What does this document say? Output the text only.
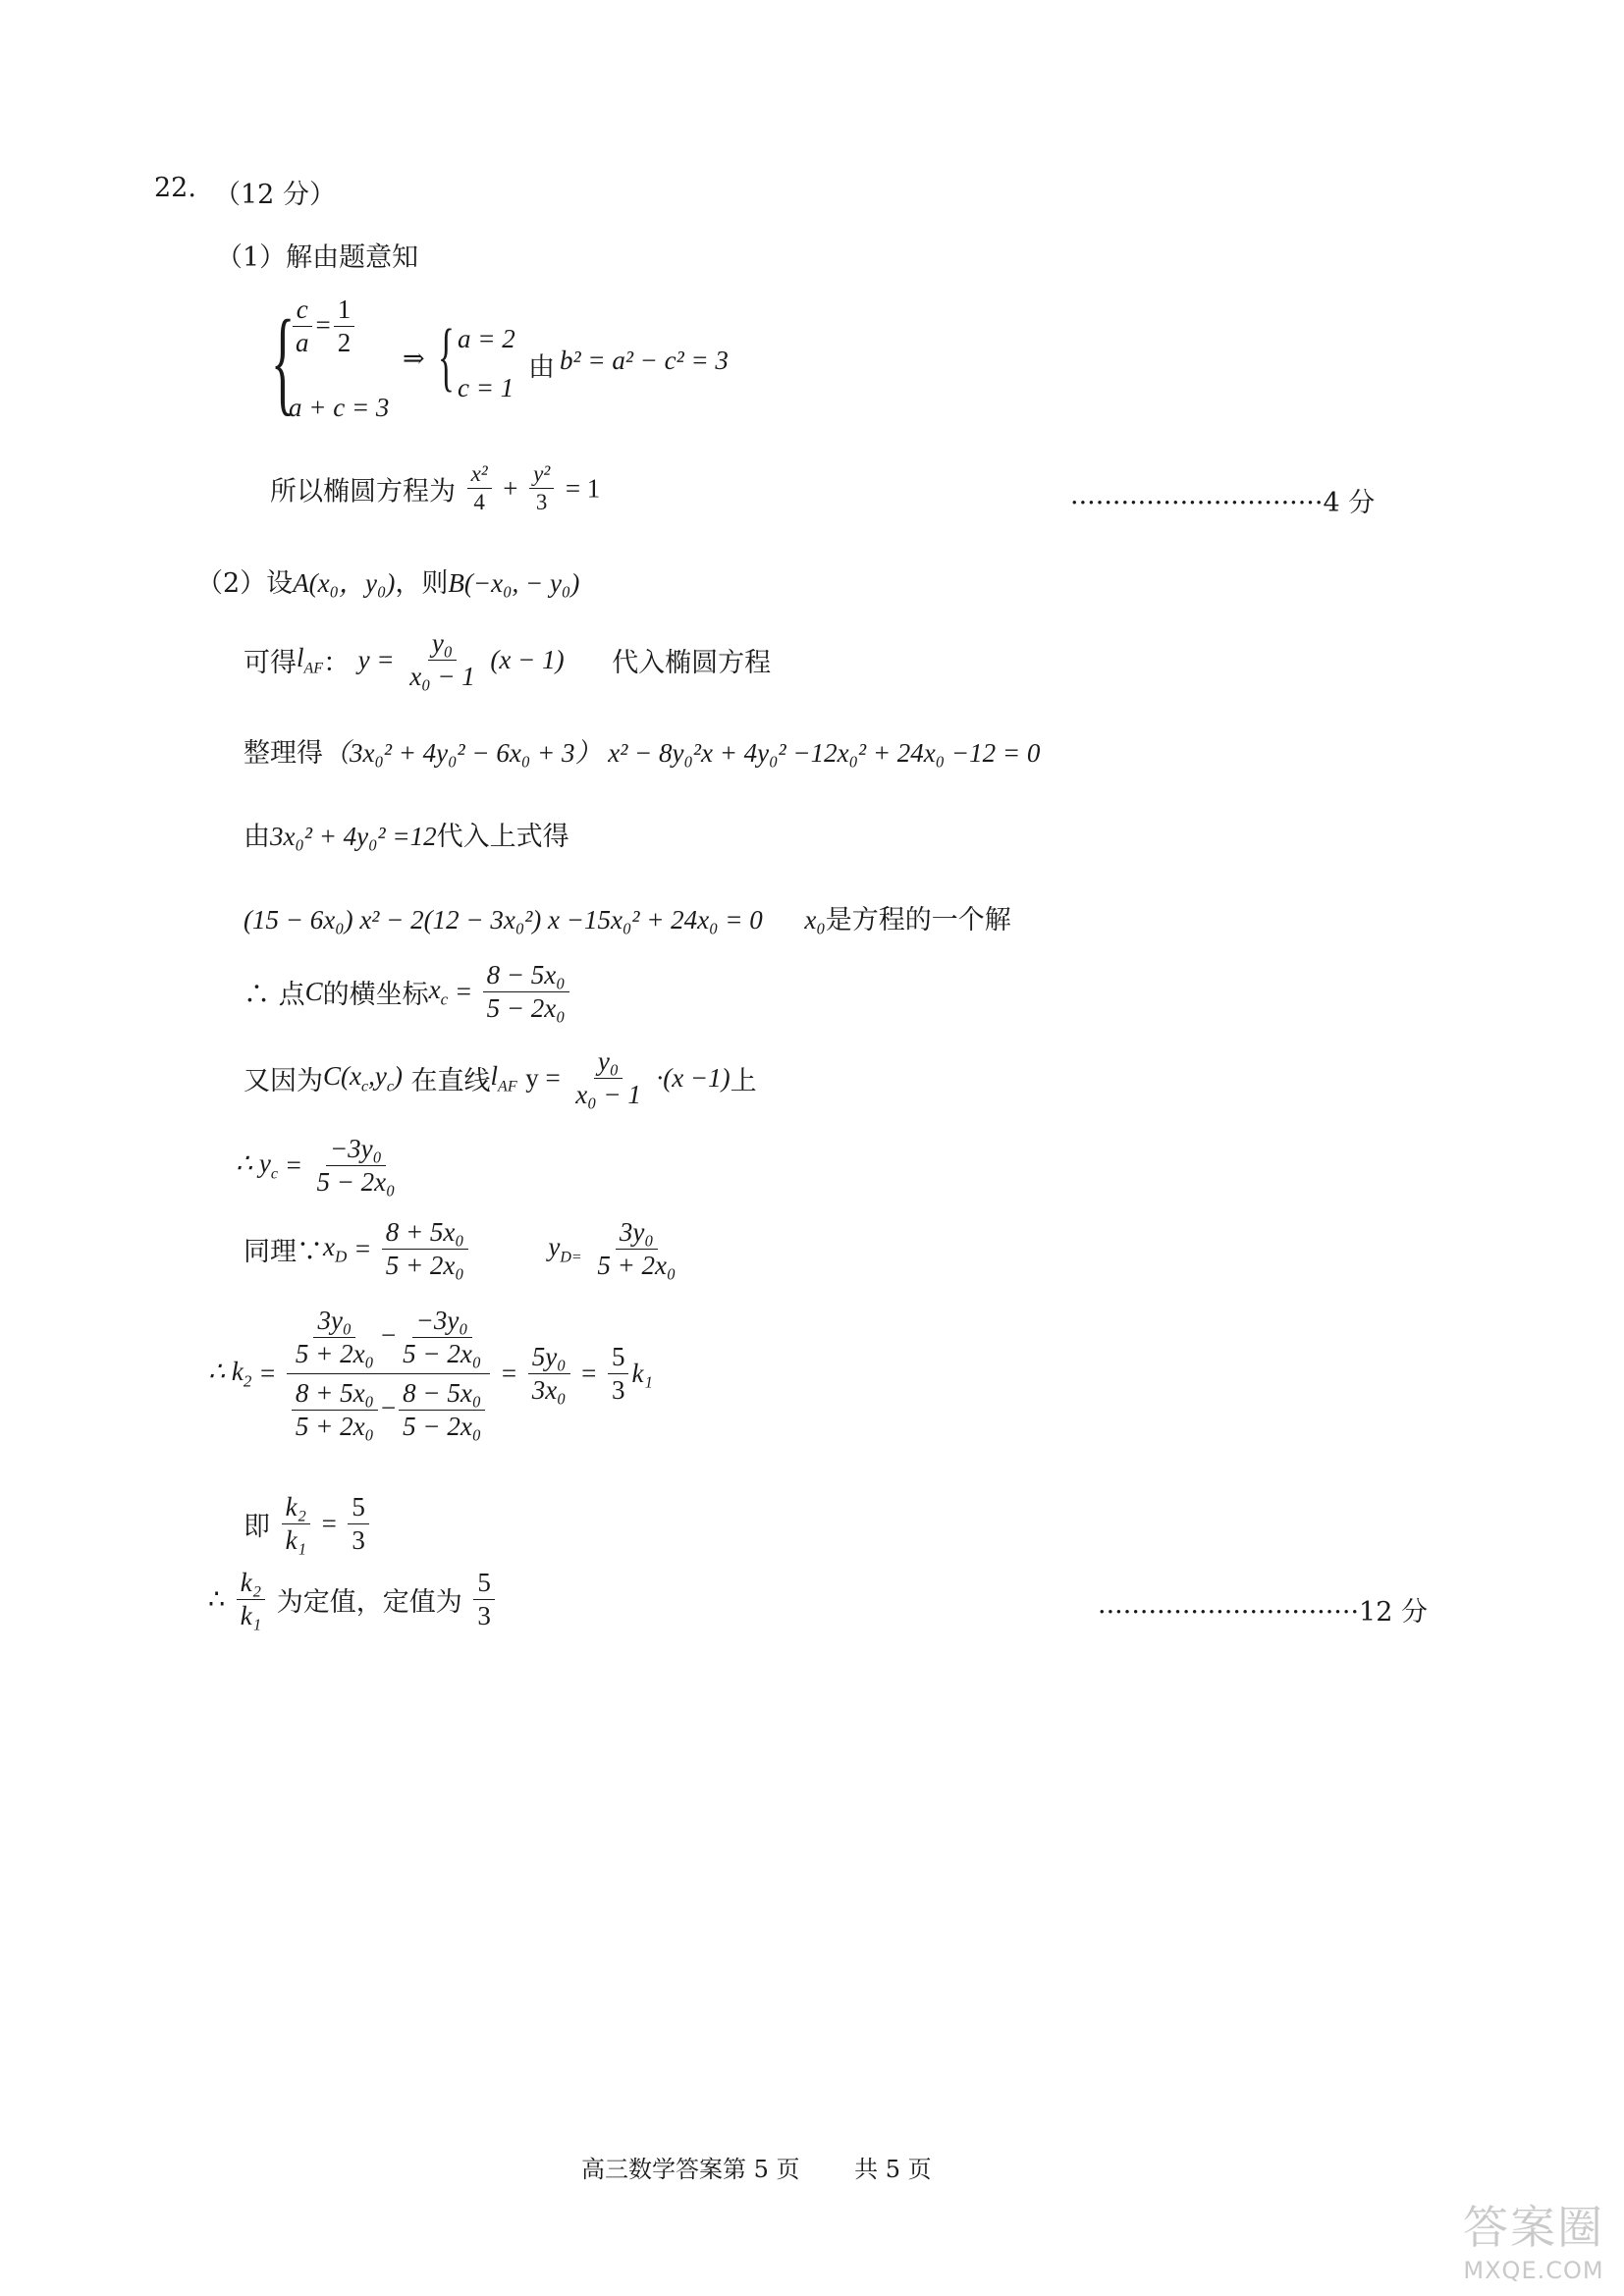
22. （12 分）
（1）解由题意知
{
$\frac{c}{a} = \frac{1}{2}$
a + c = 3
⇒ { a = 2
c = 1
由 b² = a² − c² = 3
所以椭圆方程为 $\frac{\text{x²}}{4} + \frac{\text{y²}}{3} = 1$	······························4 分
（2）设A(x₀，y₀)，则B(−x₀, − y₀)
可得$l_{AF}$： $y = \frac{\text{y₀}}{\text{x₀ − 1}} (x - 1)$ 代入椭圆方程
整理得（3x₀² + 4y₀² − 6x₀ + 3） x² − 8y₀²x + 4y₀² −12x₀² + 24x₀ −12 = 0
由3x₀² + 4y₀² =12代入上式得
(15 − 6x₀) x² − 2(12 − 3x₀²) x −15x₀² + 24x₀ = 0 x₀是方程的一个解
∴ 点C的横坐标$x_c = \frac{\text{8 − 5x₀}}{\text{5 − 2x₀}}$
又因为$C(x_c,y_c)$ 在直线$l_{AF}$ $y = \frac{\text{y₀}}{\text{x₀ − 1}} \cdot(x -1)$上
∴ $y_c = \frac{\text{−3y₀}}{\text{5 − 2x₀}}$
同理$\because x_D = \frac{\text{8 + 5x₀}}{\text{5 + 2x₀}}$	$y_{D=} \frac{\text{3y₀}}{\text{5 + 2x₀}}$
∴ $k_2 = \frac{\frac{\text{3y₀}}{\text{5 + 2x₀}} - \frac{\text{−3y₀}}{\text{5 − 2x₀}}}{\frac{\text{8 + 5x₀}}{\text{5 + 2x₀}} - \frac{\text{8 − 5x₀}}{\text{5 − 2x₀}}} = \frac{\text{5y₀}}{\text{3x₀}} = \frac{5}{3} k_1$
即 $\frac{\text{k₂}}{\text{k₁}} = \frac{5}{3}$
∴ $\frac{\text{k₂}}{\text{k₁}}$ 为定值，定值为 $\frac{5}{3}$	·······························12 分
高三数学答案第 5 页　　 共 5 页
答案圈
MXQE.COM
